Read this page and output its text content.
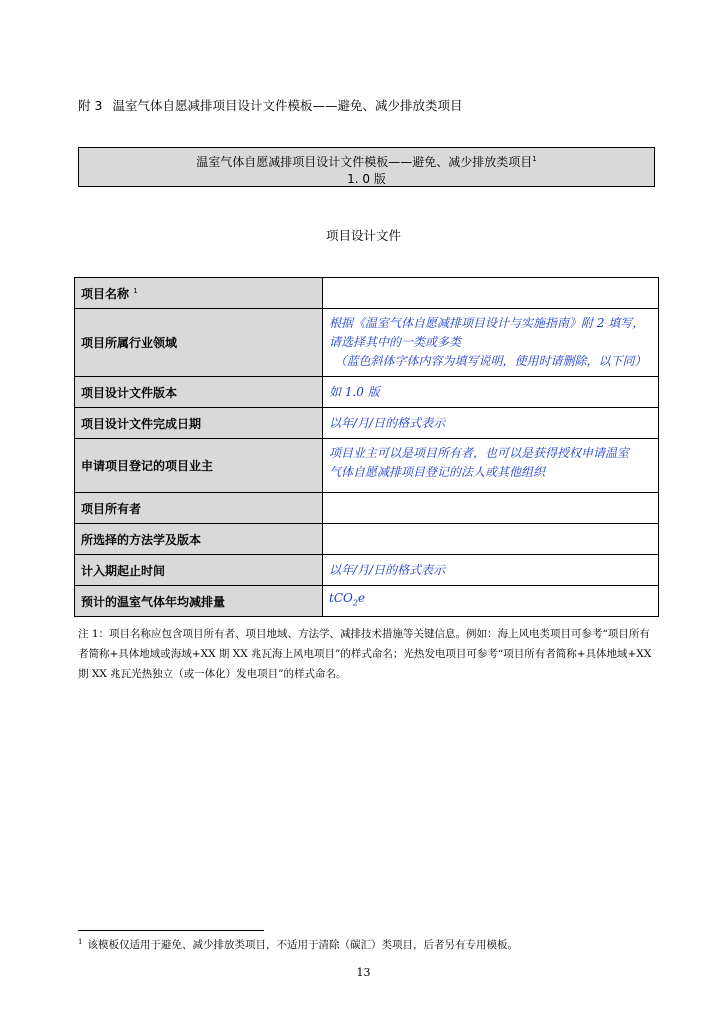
附 3 温室气体自愿减排项目设计文件模板——避免、减少排放类项目
温室气体自愿减排项目设计文件模板——避免、减少排放类项目$^1$
1. 0 版
项目设计文件
项目名称 $^1$	
项目所属行业领域	根据《温室气体自愿减排项目设计与实施指南》附 2 填写，
请选择其中的一类或多类
（蓝色斜体字体内容为填写说明，使用时请删除，以下同）

项目设计文件版本	如 1.0 版

项目设计文件完成日期	以年/月/日的格式表示

申请项目登记的项目业主	项目业主可以是项目所有者，也可以是获得授权申请温室
气体自愿减排项目登记的法人或其他组织

项目所有者	
所选择的方法学及版本	
计入期起止时间	以年/月/日的格式表示

预计的温室气体年均减排量	tCO$_2$e
注 1：项目名称应包含项目所有者、项目地域、方法学、减排技术措施等关键信息。例如：海上风电类项目可参考“项目所有者简称+具体地域或海域+XX 期 XX 兆瓦海上风电项目”的样式命名；光热发电项目可参考“项目所有者简称+具体地域+XX 期 XX 兆瓦光热独立（或一体化）发电项目”的样式命名。
$^1$ 该模板仅适用于避免、减少排放类项目，不适用于清除（碳汇）类项目，后者另有专用模板。
13
